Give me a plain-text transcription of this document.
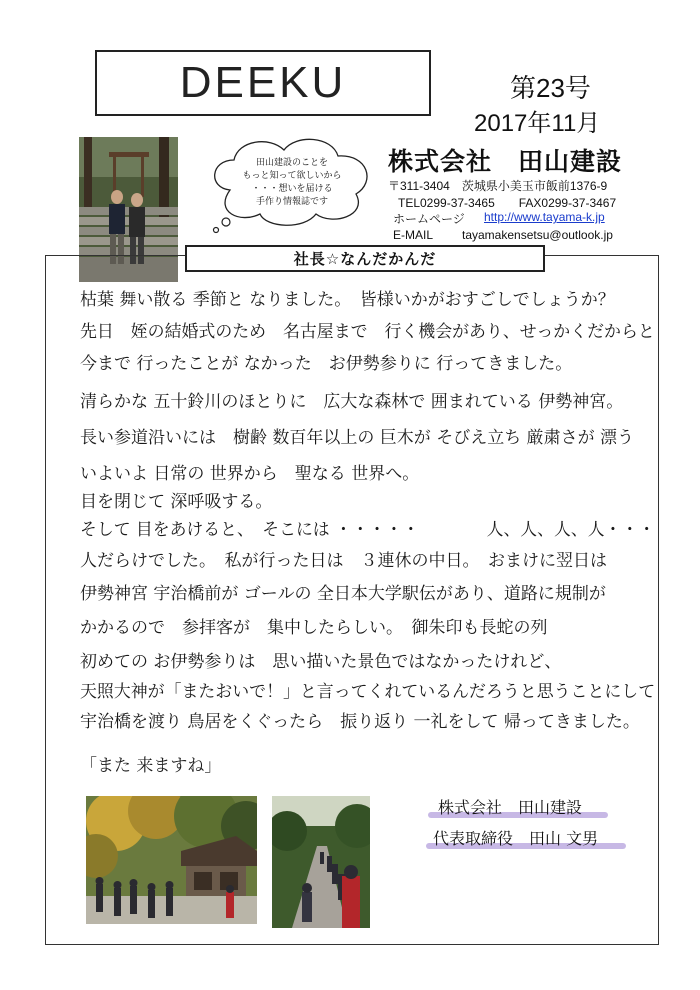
DEEKU	第23号
2017年11月
田山建設のことを
もっと知って欲しいから
・・・想いを届ける
手作り情報誌です
株式会社　田山建設
〒311-3404　茨城県小美玉市飯前1376-9
TEL0299-37-3465　　FAX0299-37-3467
ホームページ http://www.tayama-k.jp
E-MAIL tayamakensetsu@outlook.jp
社長☆なんだかんだ
枯葉 舞い散る 季節と なりました。　皆様いかがおすごしでしょうか？
先日　姪の結婚式のため　名古屋まで　行く機会があり、せっかくだからと
今まで 行ったことが なかった　お伊勢参りに 行ってきました。
清らかな 五十鈴川のほとりに　広大な森林で 囲まれている 伊勢神宮。
長い参道沿いには　樹齢 数百年以上の 巨木が そびえ立ち 厳粛さが 漂う
いよいよ 日常の 世界から　聖なる 世界へ。
目を閉じて 深呼吸する。
そして 目をあけると、　そこには ・・・・・　　　　人、人、人、人・・・
人だらけでした。　私が行った日は　３連休の中日。　おまけに翌日は
伊勢神宮 宇治橋前が ゴールの 全日本大学駅伝があり、道路に規制が
かかるので　参拝客が　集中したらしい。　御朱印も長蛇の列
初めての お伊勢参りは　思い描いた景色ではなかったけれど、
天照大神が「またおいで！」と言ってくれているんだろうと思うことにして
宇治橋を渡り 鳥居をくぐったら　振り返り 一礼をして 帰ってきました。
「また 来ますね」
株式会社　田山建設
代表取締役　田山 文男
